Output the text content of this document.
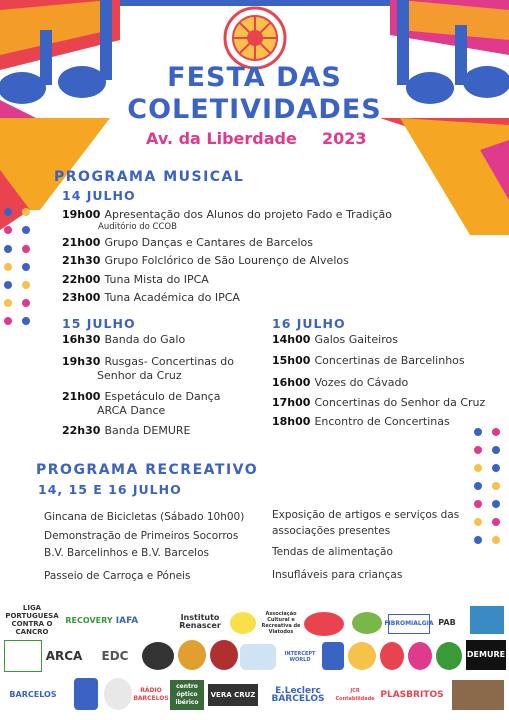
FESTA DAS
COLETIVIDADES
Av. da Liberdade 2023
PROGRAMA MUSICAL
14 JULHO
19h00 Apresentação dos Alunos do projeto Fado e Tradição
Auditório do CCOB
21h00 Grupo Danças e Cantares de Barcelos
21h30 Grupo Folclórico de São Lourenço de Alvelos
22h00 Tuna Mista do IPCA
23h00 Tuna Académica do IPCA
15 JULHO
16h30 Banda do Galo
19h30 Rusgas- Concertinas do
Senhor da Cruz
21h00 Espetáculo de Dança
ARCA Dance
22h30 Banda DEMURE
16 JULHO
14h00 Galos Gaiteiros
15h00 Concertinas de Barcelinhos
16h00 Vozes do Cávado
17h00 Concertinas do Senhor da Cruz
18h00 Encontro de Concertinas
PROGRAMA RECREATIVO
14, 15 E 16 JULHO
Gincana de Bicicletas (Sábado 10h00)
Demonstração de Primeiros Socorros
B.V. Barcelinhos e B.V. Barcelos
Passeio de Carroça e Póneis
Exposição de artigos e serviços das
associações presentes
Tendas de alimentação
Insufláveis para crianças
LIGA PORTUGUESA CONTRA O CANCRO
RECOVERY IAFA	Instituto Renascer
Associação Cultural e Recreativa de Viatodos
FIBROMIALGIA PAB
ARCA	EDC	INTERCEPT WORLD
DEMURE
BARCELOS	RÁDIO BARCELOS
centro óptico ibérico
VERA CRUZ	E.Leclerc BARCELOS
JCR Contabilidade PLASBRITOS
